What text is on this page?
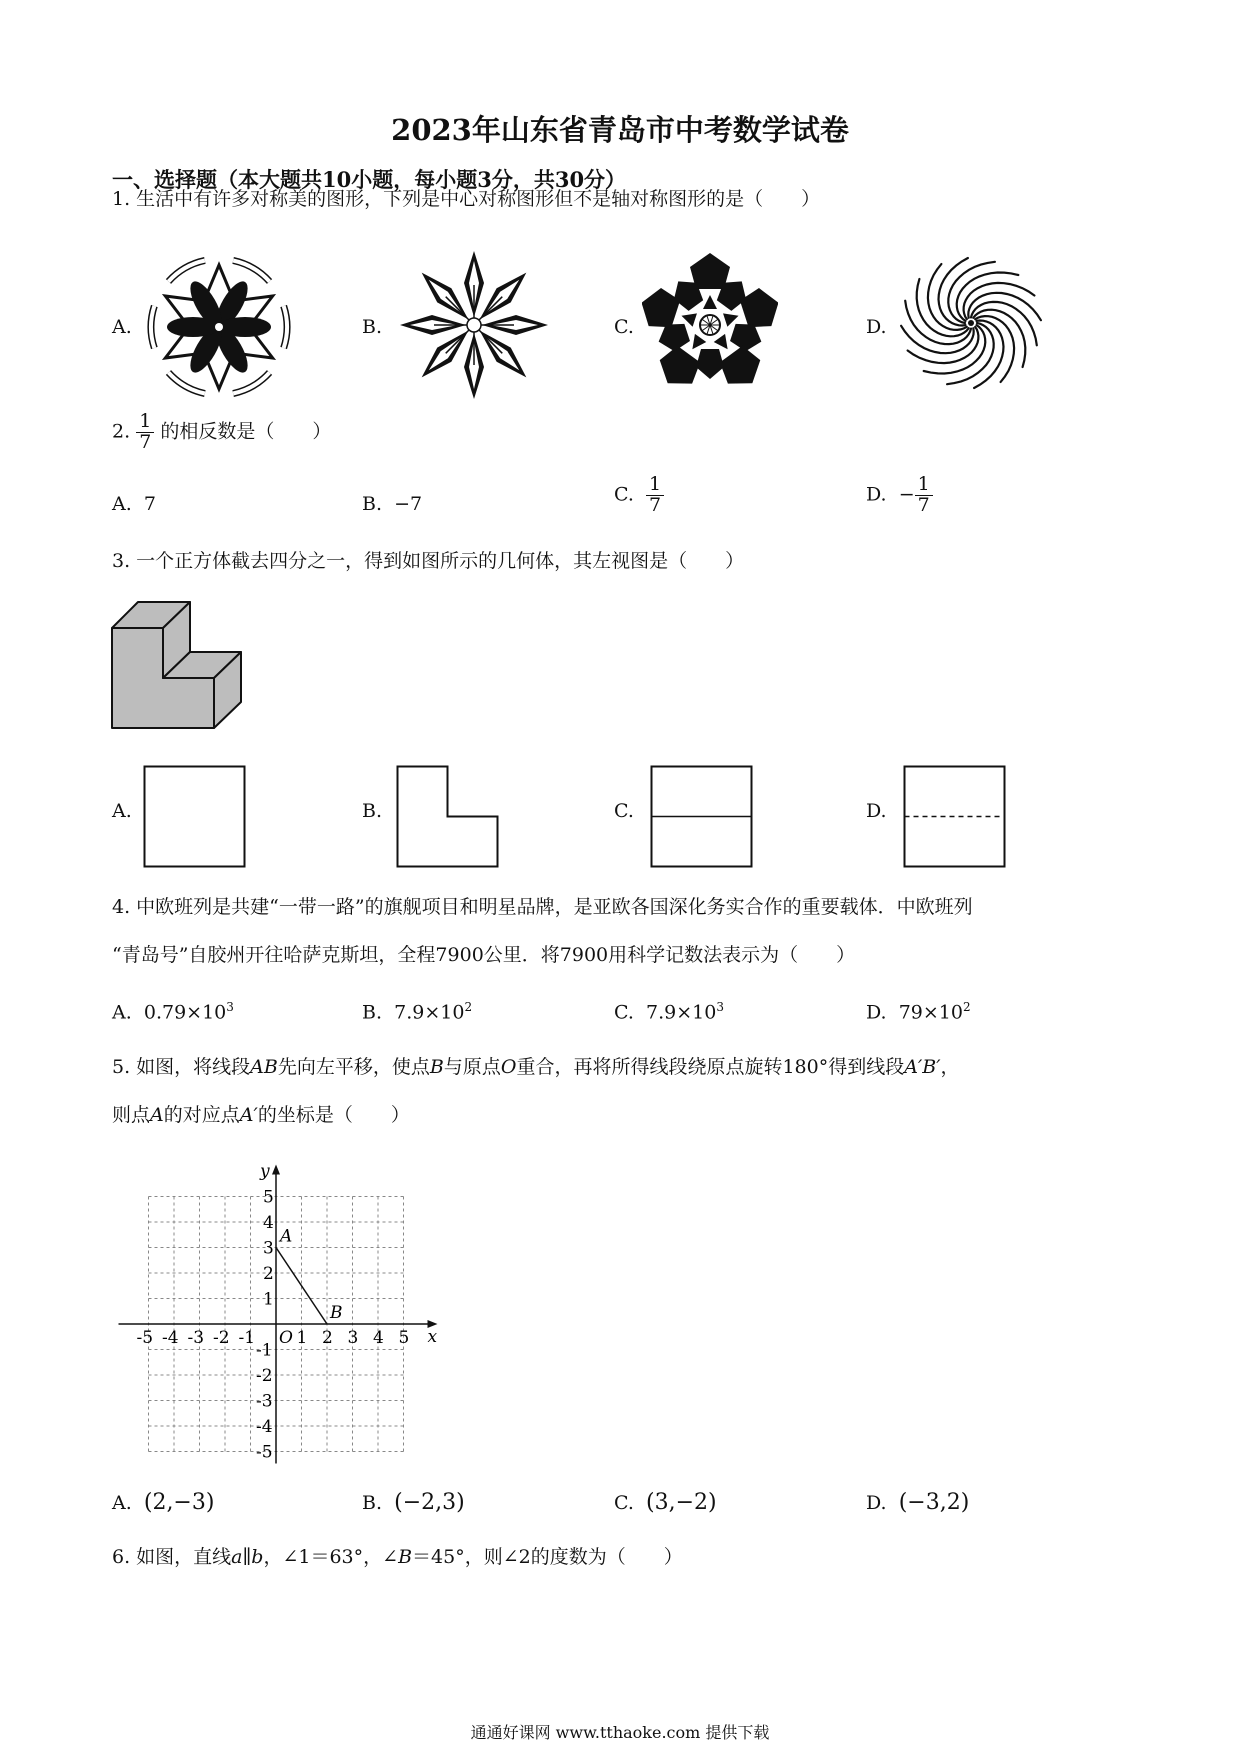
2023年山东省青岛市中考数学试卷
一、选择题（本大题共10小题，每小题3分，共30分）
1. 生活中有许多对称美的图形，下列是中心对称图形但不是轴对称图形的是（　　）
A.	B.	C.	D.
2. $\frac{1}{7}$ 的相反数是（　　）
A. 7	B. −7	C. $\frac{1}{7}$	D. − $\frac{1}{7}$
3. 一个正方体截去四分之一，得到如图所示的几何体，其左视图是（　　）
A.	B.	C.	D.
4. 中欧班列是共建“一带一路”的旗舰项目和明星品牌，是亚欧各国深化务实合作的重要载体．中欧班列
“青岛号”自胶州开往哈萨克斯坦，全程7900公里．将7900用科学记数法表示为（　　）
A. $0.79\times 10^3$	B. $7.9\times 10^2$	C. $7.9\times 10^3$	D. $79\times 10^2$
5. 如图，将线段AB先向左平移，使点B与原点O重合，再将所得线段绕原点旋转180°得到线段A′B′，
则点A的对应点A′的坐标是（　　）
x
y
O
-5 -4 -3 -2 -1 1 2 3 4 5
5
4
3
2
1
-1
-2
-3
-4
-5
A
B
A. (2,−3)	B. (−2,3)	C. (3,−2)	D. (−3,2)
6. 如图，直线a∥b，∠1＝63°，∠B＝45°，则∠2的度数为（　　）
通通好课网 www.tthaoke.com 提供下载
